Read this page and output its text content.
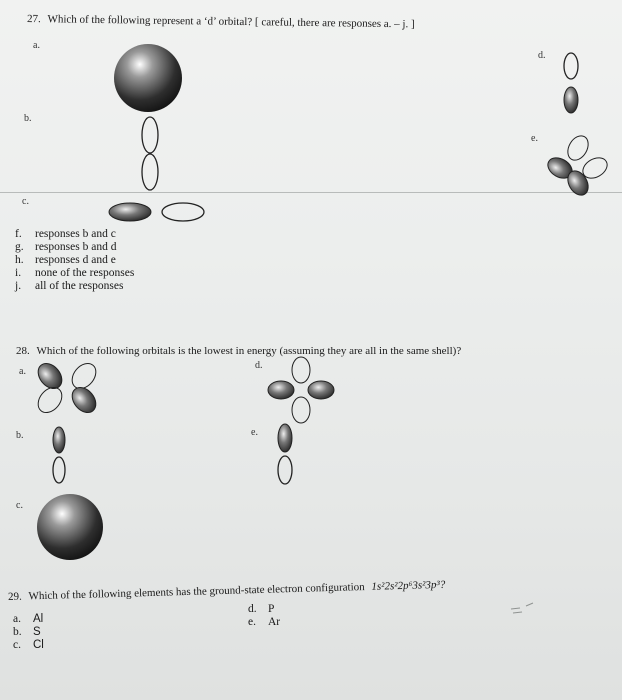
27. Which of the following represent a ‘d’ orbital? [ careful, there are responses a. – j. ]
a.
b.
c.
d.
e.
f. responses b and c
g. responses b and d
h. responses d and e
i. none of the responses
j. all of the responses
28. Which of the following orbitals is the lowest in energy (assuming they are all in the same shell)?
a.
d.
b.	e.
c.
29. Which of the following elements has the ground-state electron configuration 1s²2s²2p⁶3s²3p³?
a. Al
b. S
c. Cl
d. P
e. Ar
